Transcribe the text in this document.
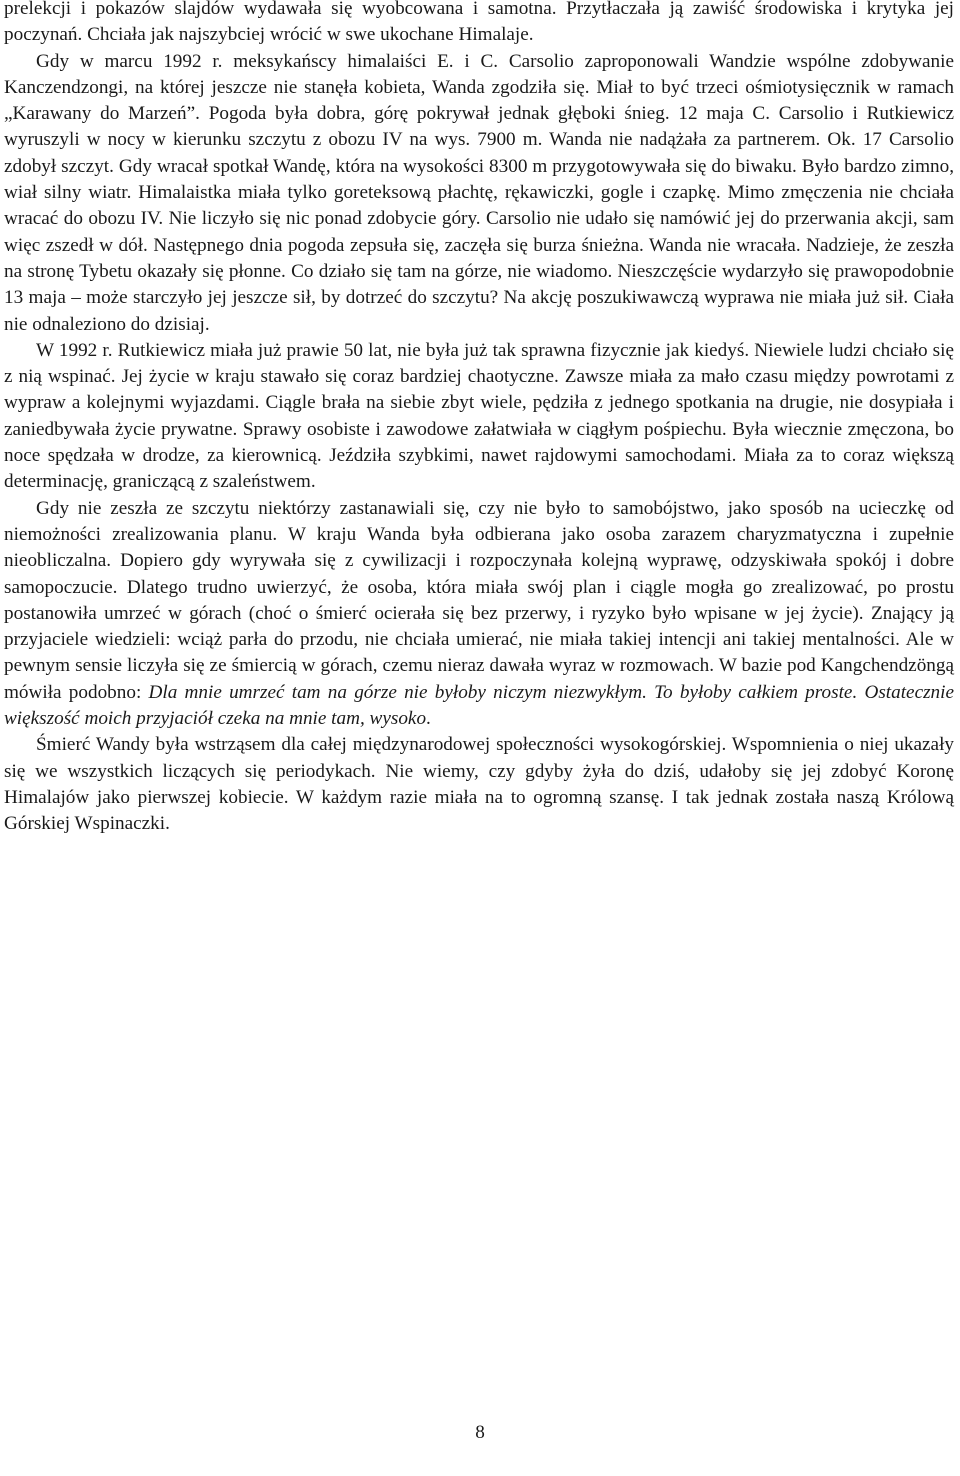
prelekcji i pokazów slajdów wydawała się wyobcowana i samotna. Przytłaczała ją zawiść środowiska i krytyka jej poczynań. Chciała jak najszybciej wrócić w swe ukochane Himalaje.

Gdy w marcu 1992 r. meksykańscy himalaiści E. i C. Carsolio zaproponowali Wandzie wspólne zdobywanie Kanczendzongi, na której jeszcze nie stanęła kobieta, Wanda zgodziła się. Miał to być trzeci ośmiotysięcznik w ramach „Karawany do Marzeń”. Pogoda była dobra, górę pokrywał jednak głęboki śnieg. 12 maja C. Carsolio i Rutkiewicz wyruszyli w nocy w kierunku szczytu z obozu IV na wys. 7900 m. Wanda nie nadążała za partnerem. Ok. 17 Carsolio zdobył szczyt. Gdy wracał spotkał Wandę, która na wysokości 8300 m przygotowywała się do biwaku. Było bardzo zimno, wiał silny wiatr. Himalaistka miała tylko goreteksową płachtę, rękawiczki, gogle i czapkę. Mimo zmęczenia nie chciała wracać do obozu IV. Nie liczyło się nic ponad zdobycie góry. Carsolio nie udało się namówić jej do przerwania akcji, sam więc zszedł w dół. Następnego dnia pogoda zepsuła się, zaczęła się burza śnieżna. Wanda nie wracała. Nadzieje, że zeszła na stronę Tybetu okazały się płonne. Co działo się tam na górze, nie wiadomo. Nieszczęście wydarzyło się prawopodobnie 13 maja – może starczyło jej jeszcze sił, by dotrzeć do szczytu? Na akcję poszukiwawczą wyprawa nie miała już sił. Ciała nie odnaleziono do dzisiaj.

W 1992 r. Rutkiewicz miała już prawie 50 lat, nie była już tak sprawna fizycznie jak kiedyś. Niewiele ludzi chciało się z nią wspinać. Jej życie w kraju stawało się coraz bardziej chaotyczne. Zawsze miała za mało czasu między powrotami z wypraw a kolejnymi wyjazdami. Ciągle brała na siebie zbyt wiele, pędziła z jednego spotkania na drugie, nie dosypiała i zaniedbywała życie prywatne. Sprawy osobiste i zawodowe załatwiała w ciągłym pośpiechu. Była wiecznie zmęczona, bo noce spędzała w drodze, za kierownicą. Jeździła szybkimi, nawet rajdowymi samochodami. Miała za to coraz większą determinację, graniczącą z szaleństwem.

Gdy nie zeszła ze szczytu niektórzy zastanawiali się, czy nie było to samobójstwo, jako sposób na ucieczkę od niemożności zrealizowania planu. W kraju Wanda była odbierana jako osoba zarazem charyzmatyczna i zupełnie nieobliczalna. Dopiero gdy wyrywała się z cywilizacji i rozpoczynała kolejną wyprawę, odzyskiwała spokój i dobre samopoczucie. Dlatego trudno uwierzyć, że osoba, która miała swój plan i ciągle mogła go zrealizować, po prostu postanowiła umrzeć w górach (choć o śmierć ocierała się bez przerwy, i ryzyko było wpisane w jej życie). Znający ją przyjaciele wiedzieli: wciąż parła do przodu, nie chciała umierać, nie miała takiej intencji ani takiej mentalności. Ale w pewnym sensie liczyła się ze śmiercią w górach, czemu nieraz dawała wyraz w rozmowach. W bazie pod Kangchendzöngą mówiła podobno: Dla mnie umrzeć tam na górze nie byłoby niczym niezwykłym. To byłoby całkiem proste. Ostatecznie większość moich przyjaciół czeka na mnie tam, wysoko.

Śmierć Wandy była wstrząsem dla całej międzynarodowej społeczności wysokogórskiej. Wspomnienia o niej ukazały się we wszystkich liczących się periodykach. Nie wiemy, czy gdyby żyła do dziś, udałoby się jej zdobyć Koronę Himalajów jako pierwszej kobiecie. W każdym razie miała na to ogromną szansę. I tak jednak została naszą Królową Górskiej Wspinaczki.

8
